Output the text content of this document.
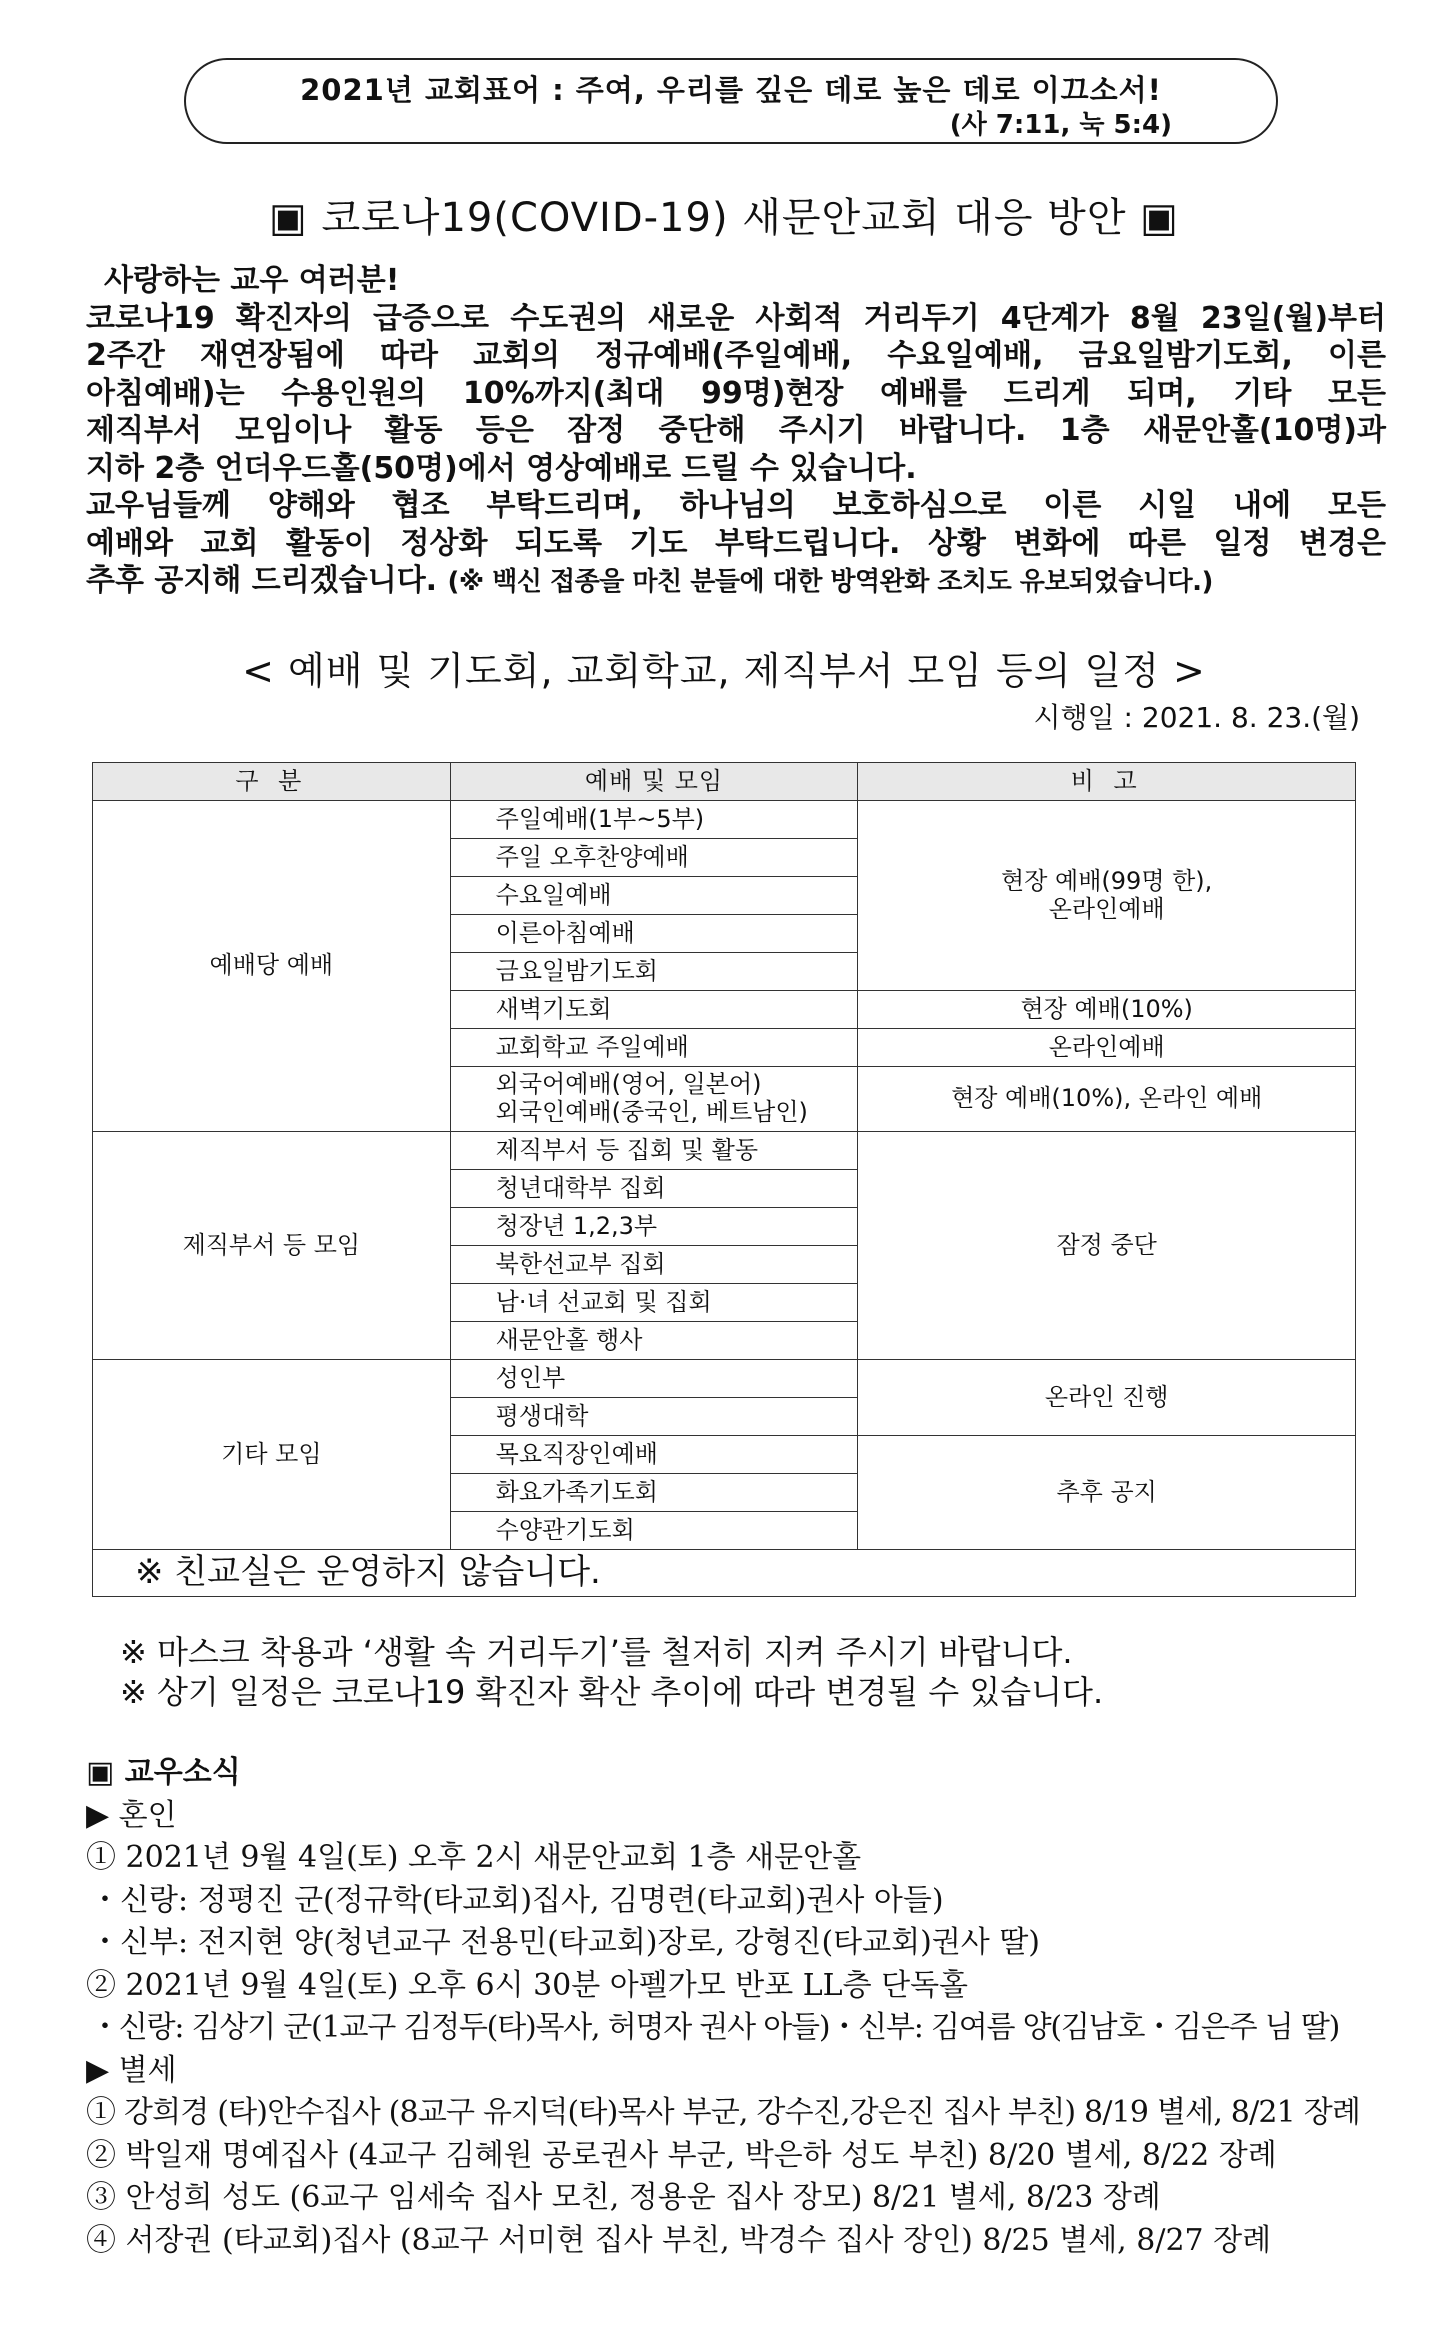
2021년 교회표어 : 주여, 우리를 깊은 데로 높은 데로 이끄소서!
(사 7:11, 눅 5:4)
▣ 코로나19(COVID-19) 새문안교회 대응 방안 ▣

사랑하는 교우 여러분!

코로나19 확진자의 급증으로 수도권의 새로운 사회적 거리두기 4단계가 8월 23일(월)부터

2주간 재연장됨에 따라 교회의 정규예배(주일예배, 수요일예배, 금요일밤기도회, 이른

아침예배)는 수용인원의 10%까지(최대 99명)현장 예배를 드리게 되며, 기타 모든

제직부서 모임이나 활동 등은 잠정 중단해 주시기 바랍니다. 1층 새문안홀(10명)과

지하 2층 언더우드홀(50명)에서 영상예배로 드릴 수 있습니다.

교우님들께 양해와 협조 부탁드리며, 하나님의 보호하심으로 이른 시일 내에 모든

예배와 교회 활동이 정상화 되도록 기도 부탁드립니다. 상황 변화에 따른 일정 변경은

추후 공지해 드리겠습니다. (※ 백신 접종을 마친 분들에 대한 방역완화 조치도 유보되었습니다.)

< 예배 및 기도회, 교회학교, 제직부서 모임 등의 일정 >
시행일 : 2021. 8. 23.(월)
구 분	예배 및 모임	비 고
예배당 예배	주일예배(1부~5부)	현장 예배(99명 한),
온라인예배

	주일 오후찬양예배	
	수요일예배	
	이른아침예배	
	금요일밤기도회	
	새벽기도회	현장 예배(10%)
	교회학교 주일예배	온라인예배

	외국어예배(영어, 일본어)
외국인예배(중국인, 베트남인)	현장 예배(10%), 온라인 예배
제직부서 등 모임	제직부서 등 집회 및 활동	잠정 중단
	청년대학부 집회	
	청장년 1,2,3부	
	북한선교부 집회	
	남·녀 선교회 및 집회	
	새문안홀 행사	
기타 모임	성인부	온라인 진행
	평생대학	
	목요직장인예배	추후 공지
	화요가족기도회	
	수양관기도회	
※ 친교실은 운영하지 않습니다.		
※ 마스크 착용과 ‘생활 속 거리두기’를 철저히 지켜 주시기 바랍니다.
※ 상기 일정은 코로나19 확진자 확산 추이에 따라 변경될 수 있습니다.
▣ 교우소식
▶ 혼인
① 2021년 9월 4일(토) 오후 2시 새문안교회 1층 새문안홀
・신랑: 정평진 군(정규학(타교회)집사, 김명련(타교회)권사 아들)
・신부: 전지현 양(청년교구 전용민(타교회)장로, 강형진(타교회)권사 딸)
② 2021년 9월 4일(토) 오후 6시 30분 아펠가모 반포 LL층 단독홀
・신랑: 김상기 군(1교구 김정두(타)목사, 허명자 권사 아들)・신부: 김여름 양(김남호・김은주 님 딸)
▶ 별세
① 강희경 (타)안수집사 (8교구 유지덕(타)목사 부군, 강수진,강은진 집사 부친) 8/19 별세, 8/21 장례
② 박일재 명예집사 (4교구 김혜원 공로권사 부군, 박은하 성도 부친) 8/20 별세, 8/22 장례
③ 안성희 성도 (6교구 임세숙 집사 모친, 정용운 집사 장모) 8/21 별세, 8/23 장례
④ 서장권 (타교회)집사 (8교구 서미현 집사 부친, 박경수 집사 장인) 8/25 별세, 8/27 장례
